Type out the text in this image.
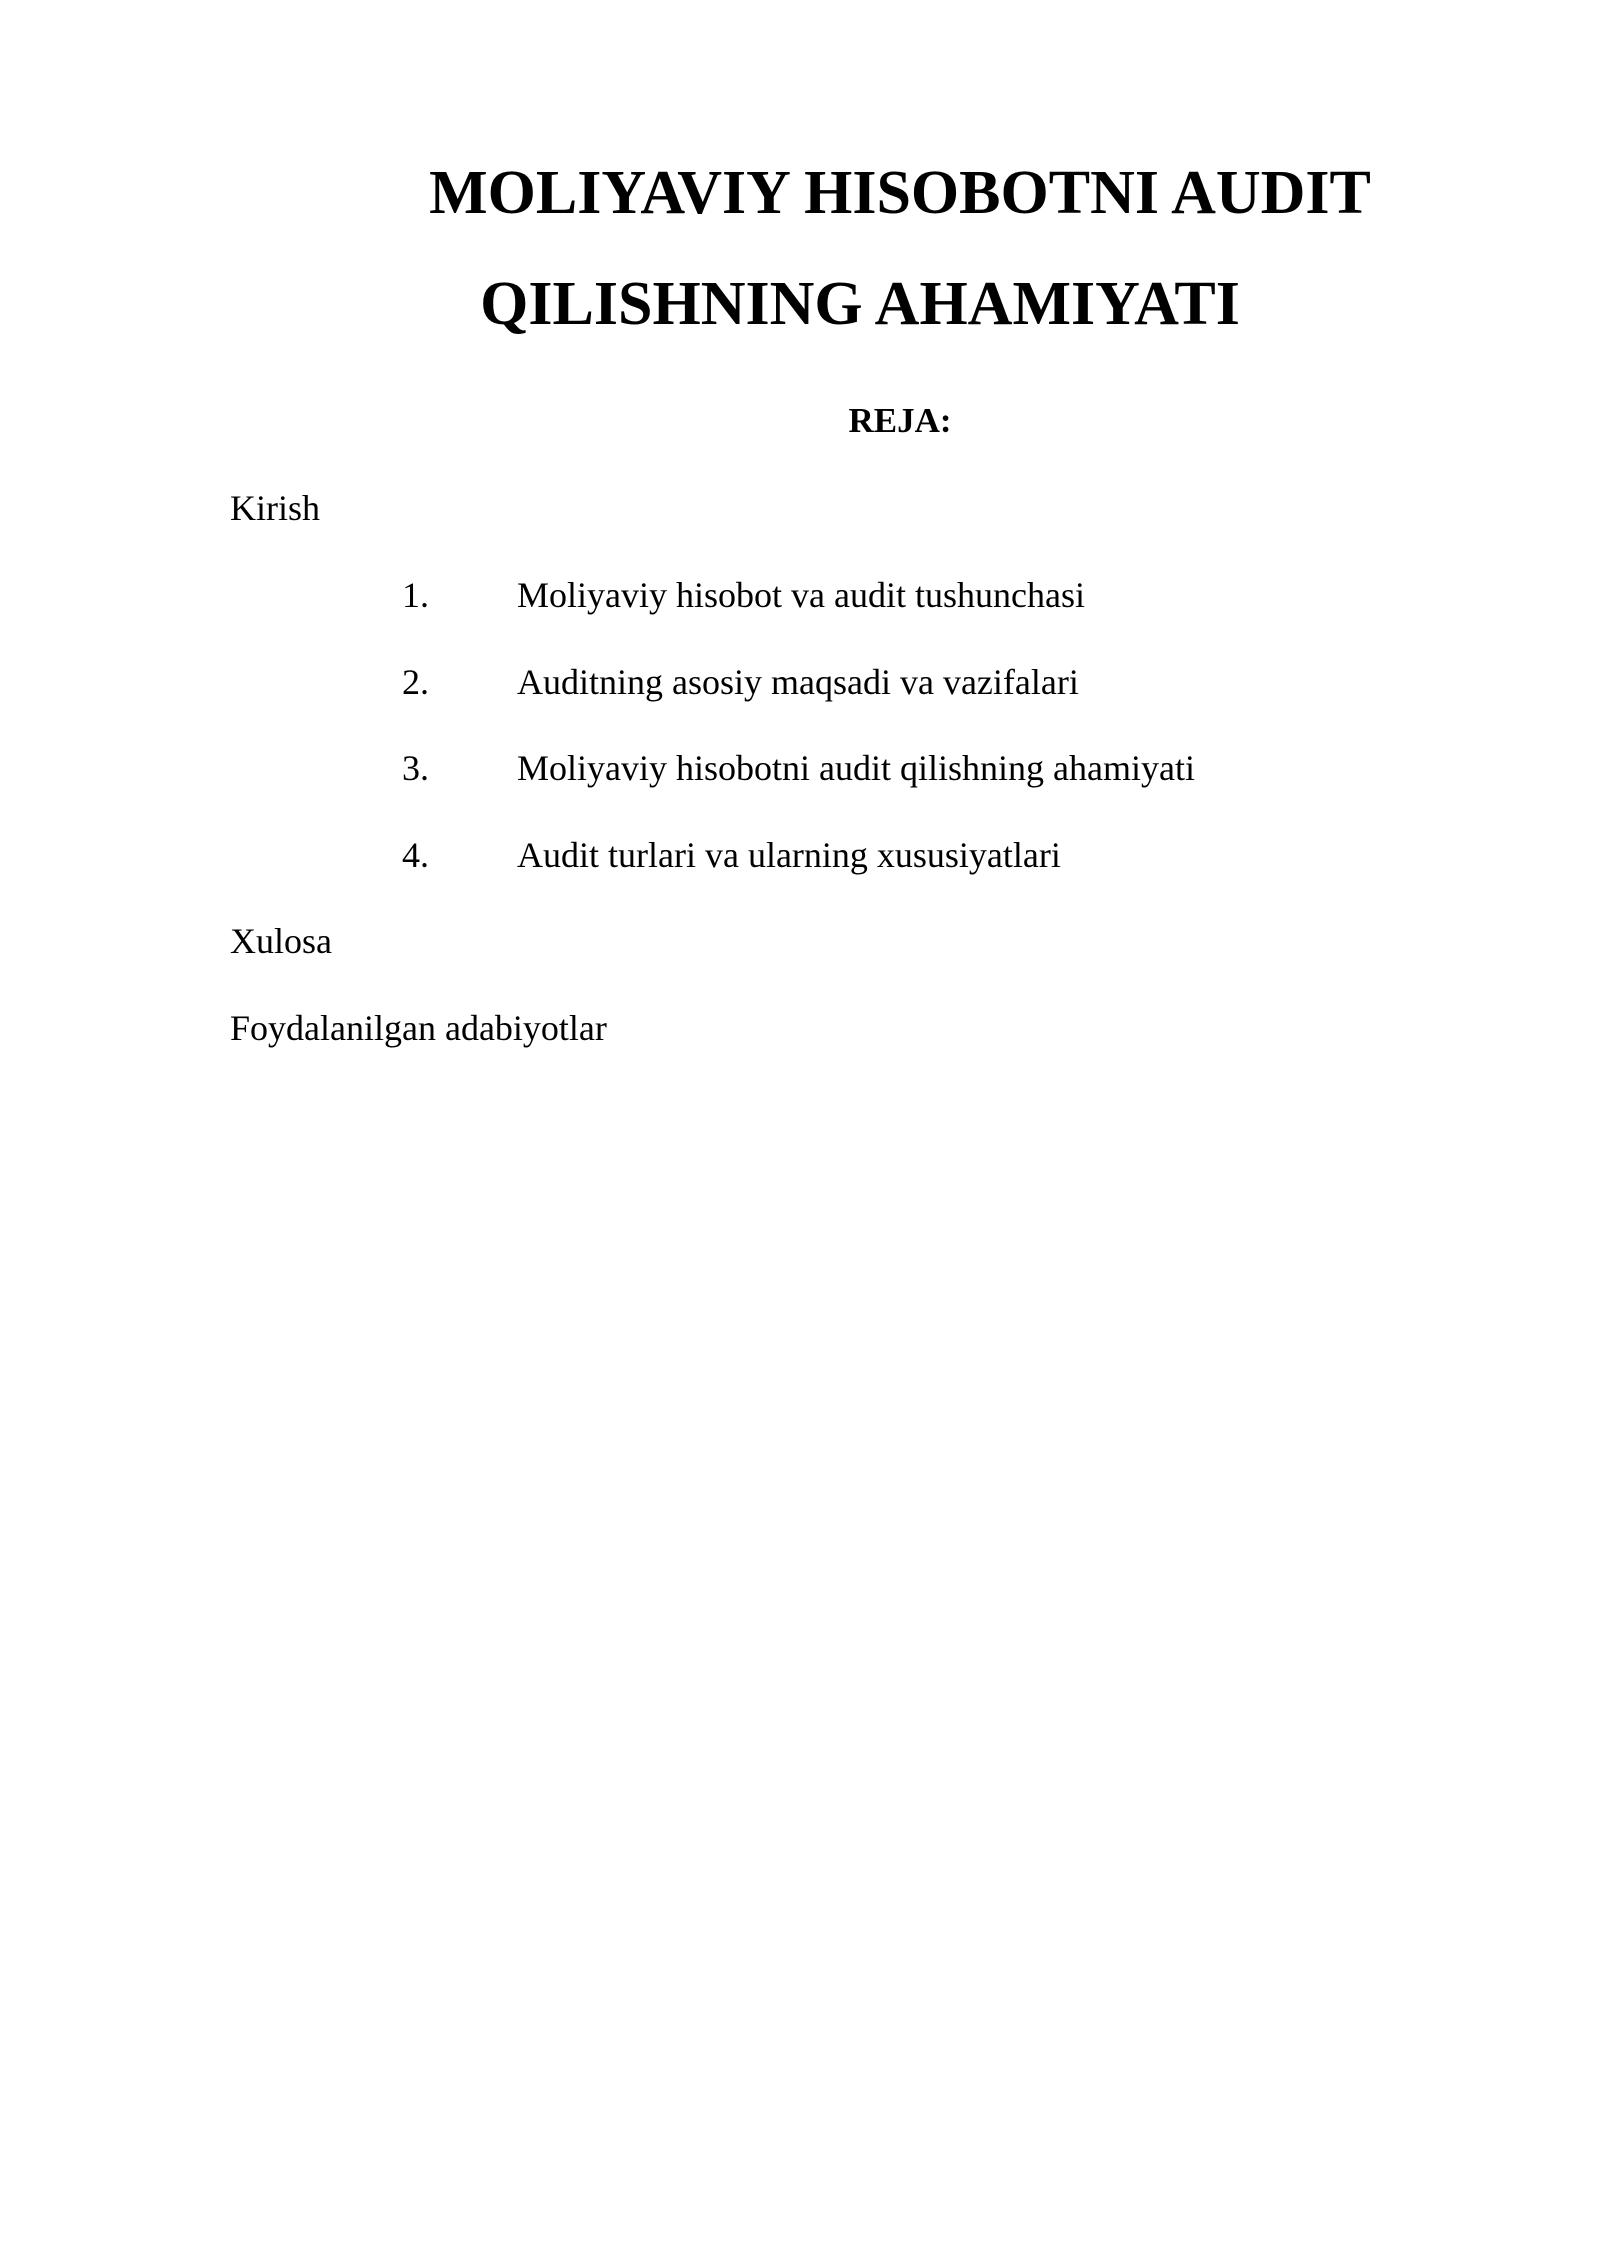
MOLIYAVIY HISOBOTNI AUDIT
QILISHNING AHAMIYATI
REJA:
Kirish
1. Moliyaviy hisobot va audit tushunchasi
2. Auditning asosiy maqsadi va vazifalari
3. Moliyaviy hisobotni audit qilishning ahamiyati
4. Audit turlari va ularning xususiyatlari
Xulosa
Foydalanilgan adabiyotlar
